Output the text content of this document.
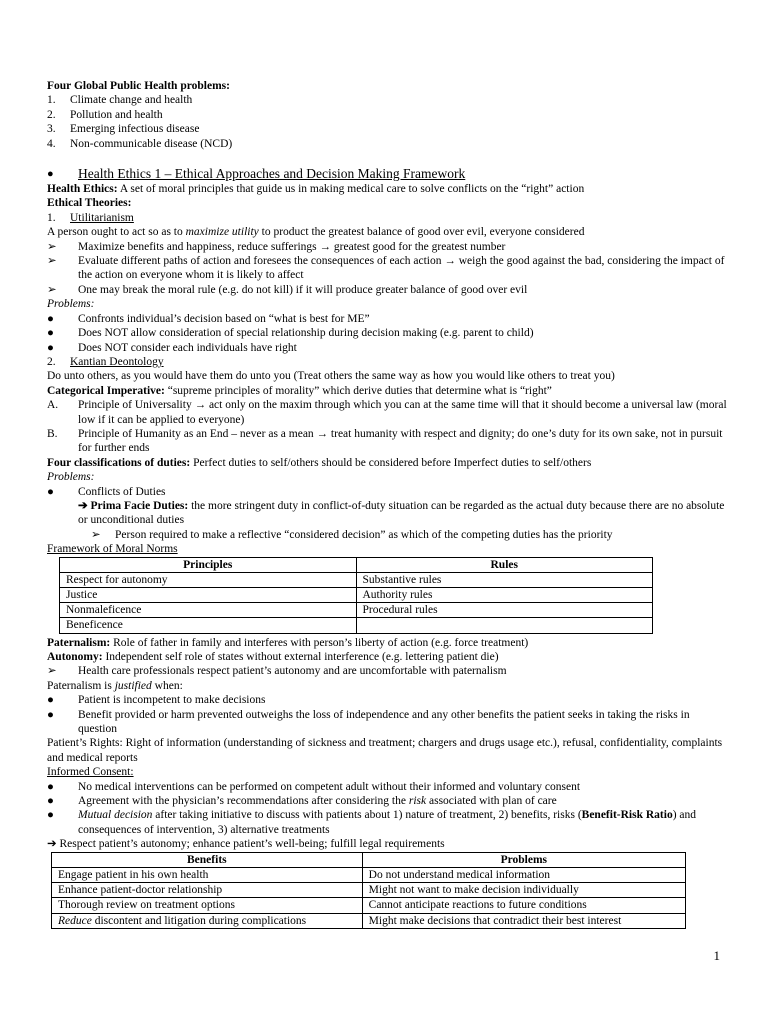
Four Global Public Health problems:
1. Climate change and health
2. Pollution and health
3. Emerging infectious disease
4. Non-communicable disease (NCD)
● Health Ethics 1 – Ethical Approaches and Decision Making Framework
Health Ethics: A set of moral principles that guide us in making medical care to solve conflicts on the “right” action
Ethical Theories:
1. Utilitarianism
A person ought to act so as to maximize utility to product the greatest balance of good over evil, everyone considered
➢ Maximize benefits and happiness, reduce sufferings → greatest good for the greatest number
➢ Evaluate different paths of action and foresees the consequences of each action → weigh the good against the bad, considering the impact of the action on everyone whom it is likely to affect
➢ One may break the moral rule (e.g. do not kill) if it will produce greater balance of good over evil
Problems:
● Confronts individual’s decision based on “what is best for ME”
● Does NOT allow consideration of special relationship during decision making (e.g. parent to child)
● Does NOT consider each individuals have right
2. Kantian Deontology
Do unto others, as you would have them do unto you (Treat others the same way as how you would like others to treat you)
Categorical Imperative: “supreme principles of morality” which derive duties that determine what is “right”
A. Principle of Universality → act only on the maxim through which you can at the same time will that it should become a universal law (moral low if it can be applied to everyone)
B. Principle of Humanity as an End – never as a mean → treat humanity with respect and dignity; do one’s duty for its own sake, not in pursuit for further ends
Four classifications of duties: Perfect duties to self/others should be considered before Imperfect duties to self/others
Problems:
● Conflicts of Duties
➔ Prima Facie Duties: the more stringent duty in conflict-of-duty situation can be regarded as the actual duty because there are no absolute or unconditional duties
➢ Person required to make a reflective “considered decision” as which of the competing duties has the priority
Framework of Moral Norms
Principles	Rules
Respect for autonomy	Substantive rules
Justice	Authority rules
Nonmaleficence	Procedural rules
Beneficence	
Paternalism: Role of father in family and interferes with person’s liberty of action (e.g. force treatment)
Autonomy: Independent self role of states without external interference (e.g. lettering patient die)
➢ Health care professionals respect patient’s autonomy and are uncomfortable with paternalism
Paternalism is justified when:
● Patient is incompetent to make decisions
● Benefit provided or harm prevented outweighs the loss of independence and any other benefits the patient seeks in taking the risks in question
Patient’s Rights: Right of information (understanding of sickness and treatment; chargers and drugs usage etc.), refusal, confidentiality, complaints and medical reports
Informed Consent:
● No medical interventions can be performed on competent adult without their informed and voluntary consent
● Agreement with the physician’s recommendations after considering the risk associated with plan of care
● Mutual decision after taking initiative to discuss with patients about 1) nature of treatment, 2) benefits, risks (Benefit-Risk Ratio) and consequences of intervention, 3) alternative treatments
➔ Respect patient’s autonomy; enhance patient’s well-being; fulfill legal requirements
Benefits	Problems
Engage patient in his own health	Do not understand medical information
Enhance patient-doctor relationship	Might not want to make decision individually
Thorough review on treatment options	Cannot anticipate reactions to future conditions
Reduce discontent and litigation during complications	Might make decisions that contradict their best interest
1
